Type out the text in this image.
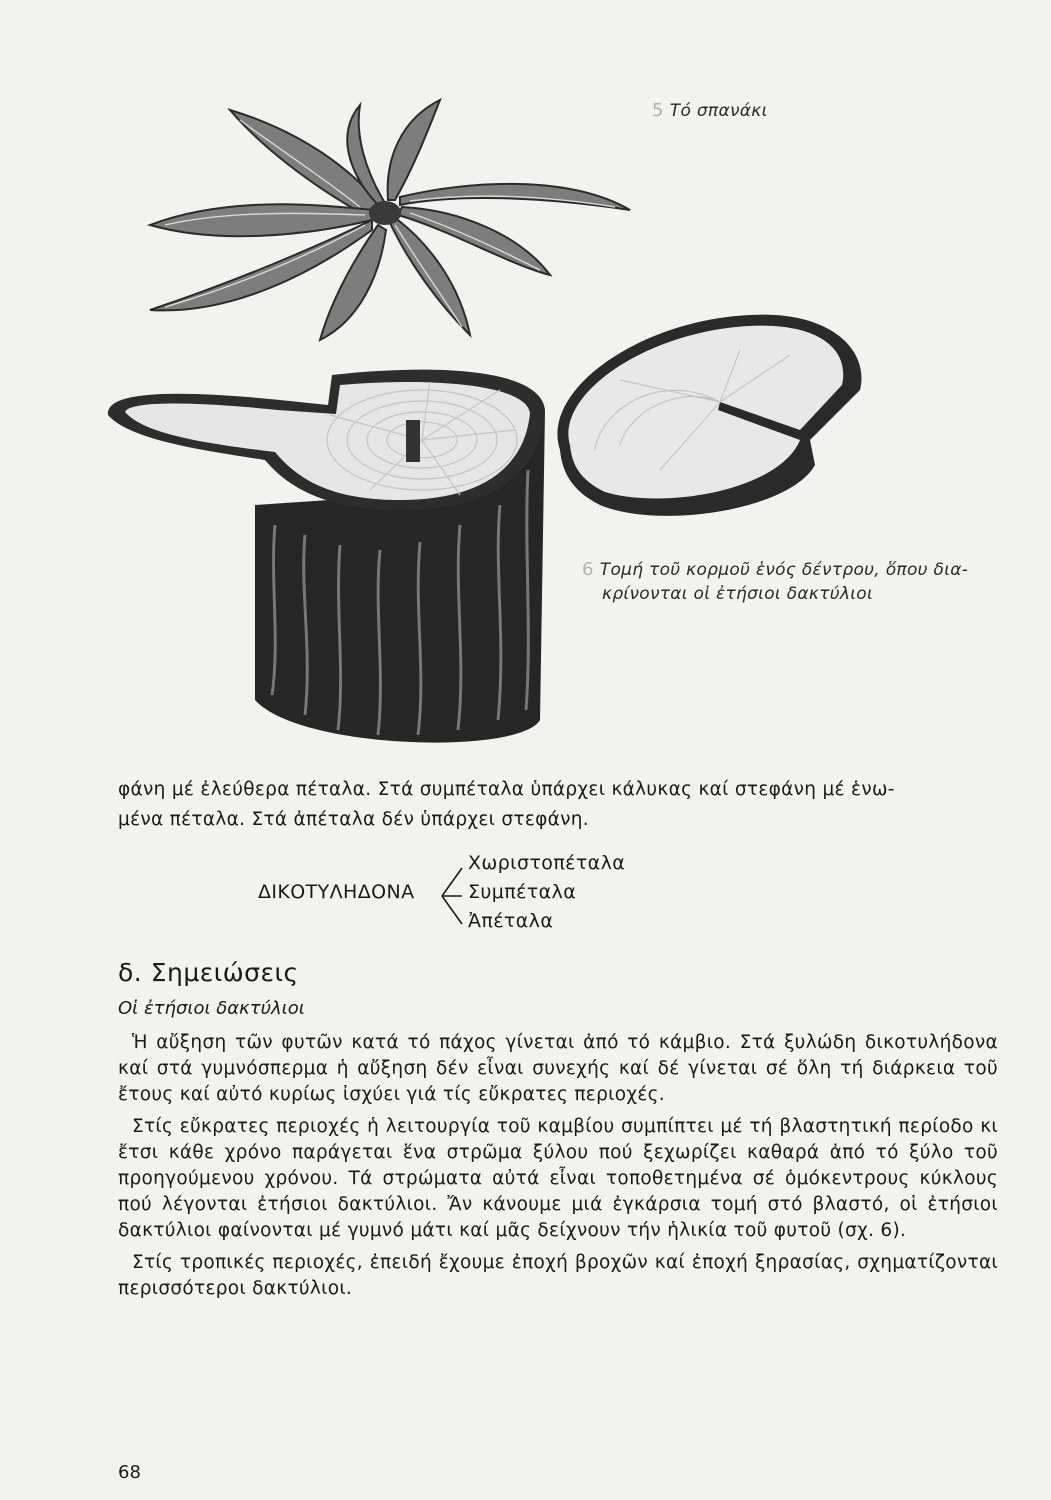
5 Τό σπανάκι
6 Τομή τοῦ κορμοῦ ἑνός δέντρου, ὅπου δια-
κρίνονται οἱ ἐτήσιοι δακτύλιοι
φάνη μέ ἐλεύθερα πέταλα. Στά συμπέταλα ὑπάρχει κάλυκας καί στεφάνη μέ ἑνω-
μένα πέταλα. Στά ἀπέταλα δέν ὑπάρχει στεφάνη.
ΔΙΚΟΤΥΛΗΔΟΝΑ
Χωριστοπέταλα
Συμπέταλα
Ἀπέταλα
δ. Σημειώσεις
Οἱ ἐτήσιοι δακτύλιοι

Ἡ αὔξηση τῶν φυτῶν κατά τό πάχος γίνεται ἀπό τό κάμβιο. Στά ξυλώδη δικοτυλήδονα καί στά γυμνόσπερμα ἡ αὔξηση δέν εἶναι συνεχής καί δέ γίνεται σέ ὅλη τή διάρκεια τοῦ ἔτους καί αὐτό κυρίως ἰσχύει γιά τίς εὔκρατες περιοχές.

Στίς εὔκρατες περιοχές ἡ λειτουργία τοῦ καμβίου συμπίπτει μέ τή βλαστητική περίοδο κι ἔτσι κάθε χρόνο παράγεται ἕνα στρῶμα ξύλου πού ξεχωρίζει καθαρά ἀπό τό ξύλο τοῦ προηγούμενου χρόνου. Τά στρώματα αὐτά εἶναι τοποθετημένα σέ ὁμόκεντρους κύκλους πού λέγονται ἐτήσιοι δακτύλιοι. Ἄν κάνουμε μιά ἐγκάρσια τομή στό βλαστό, οἱ ἐτήσιοι δακτύλιοι φαίνονται μέ γυμνό μάτι καί μᾶς δείχνουν τήν ἡλικία τοῦ φυτοῦ (σχ. 6).

Στίς τροπικές περιοχές, ἐπειδή ἔχουμε ἐποχή βροχῶν καί ἐποχή ξηρασίας, σχηματίζονται περισσότεροι δακτύλιοι.

68
